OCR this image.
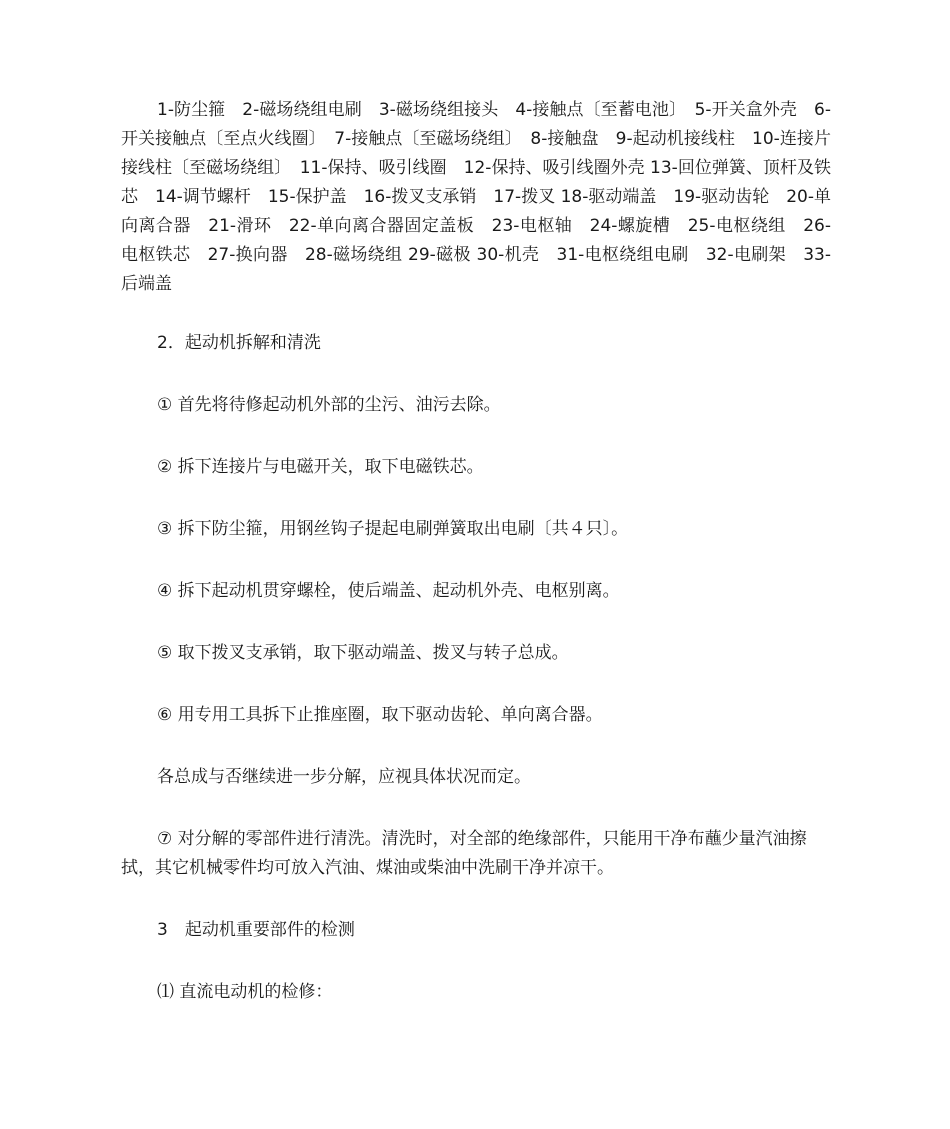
1-防尘箍　2-磁场绕组电刷　3-磁场绕组接头　4-接触点〔至蓄电池〕　5-开关盒外壳　6-开关接触点〔至点火线圈〕　7-接触点〔至磁场绕组〕　8-接触盘　9-起动机接线柱　10-连接片接线柱〔至磁场绕组〕　11-保持、吸引线圈　12-保持、吸引线圈外壳 13-回位弹簧、顶杆及铁芯　14-调节螺杆　15-保护盖　16-拨叉支承销　17-拨叉 18-驱动端盖　19-驱动齿轮　20-单向离合器　21-滑环　22-单向离合器固定盖板　23-电枢轴　24-螺旋槽　25-电枢绕组　26-电枢铁芯　27-换向器　28-磁场绕组 29-磁极 30-机壳　31-电枢绕组电刷　32-电刷架　33-后端盖
2．起动机拆解和清洗
① 首先将待修起动机外部的尘污、油污去除。
② 拆下连接片与电磁开关，取下电磁铁芯。
③ 拆下防尘箍，用钢丝钩子提起电刷弹簧取出电刷〔共４只〕。
④ 拆下起动机贯穿螺栓，使后端盖、起动机外壳、电枢别离。
⑤ 取下拨叉支承销，取下驱动端盖、拨叉与转子总成。
⑥ 用专用工具拆下止推座圈，取下驱动齿轮、单向离合器。
各总成与否继续进一步分解，应视具体状况而定。
⑦ 对分解的零部件进行清洗。清洗时，对全部的绝缘部件，只能用干净布蘸少量汽油擦拭，其它机械零件均可放入汽油、煤油或柴油中洗刷干净并凉干。
3　起动机重要部件的检测
⑴ 直流电动机的检修：
